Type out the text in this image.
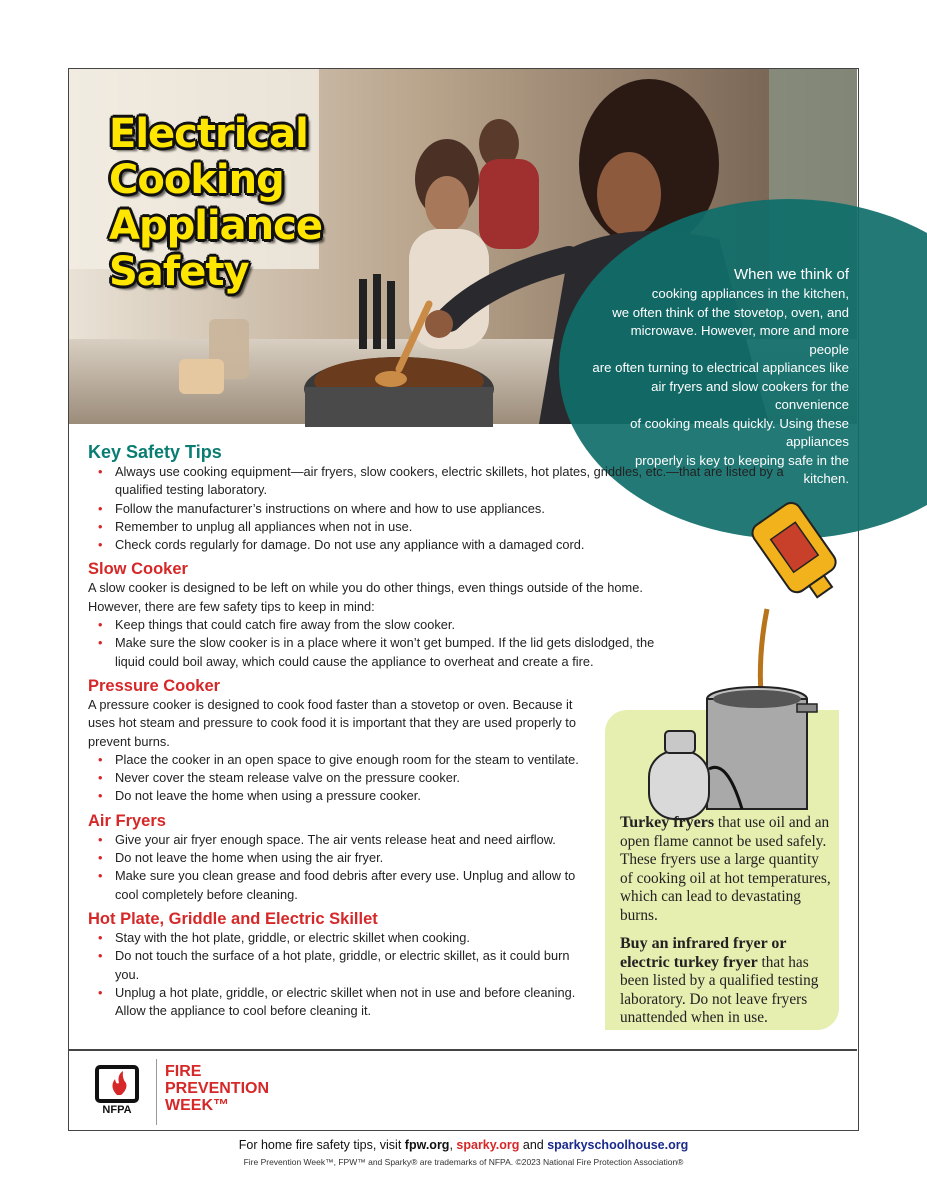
Electrical
Cooking
Appliance
Safety	When we think of
cooking appliances in the kitchen,
we often think of the stovetop, oven, and
microwave. However, more and more people
are often turning to electrical appliances like
air fryers and slow cookers for the convenience
of cooking meals quickly. Using these appliances
properly is key to keeping safe in the kitchen.
Key Safety Tips
• Always use cooking equipment—air fryers, slow cookers, electric skillets, hot plates, griddles, etc.—that are listed by a qualified testing laboratory.
• Follow the manufacturer’s instructions on where and how to use appliances.
• Remember to unplug all appliances when not in use.
• Check cords regularly for damage. Do not use any appliance with a damaged cord.
Slow Cooker

A slow cooker is designed to be left on while you do other things, even things outside of the home. However, there are few safety tips to keep in mind:

• Keep things that could catch fire away from the slow cooker.
• Make sure the slow cooker is in a place where it won’t get bumped. If the lid gets dislodged, the liquid could boil away, which could cause the appliance to overheat and create a fire.
Pressure Cooker

A pressure cooker is designed to cook food faster than a stovetop or oven. Because it uses hot steam and pressure to cook food it is important that they are used properly to prevent burns.

• Place the cooker in an open space to give enough room for the steam to ventilate.
• Never cover the steam release valve on the pressure cooker.
• Do not leave the home when using a pressure cooker.
Air Fryers
• Give your air fryer enough space. The air vents release heat and need airflow.
• Do not leave the home when using the air fryer.
• Make sure you clean grease and food debris after every use. Unplug and allow to cool completely before cleaning.
Hot Plate, Griddle and Electric Skillet
• Stay with the hot plate, griddle, or electric skillet when cooking.
• Do not touch the surface of a hot plate, griddle, or electric skillet, as it could burn you.
• Unplug a hot plate, griddle, or electric skillet when not in use and before cleaning. Allow the appliance to cool before cleaning it.

Turkey fryers that use oil and an open flame cannot be used safely. These fryers use a large quantity of cooking oil at hot temperatures, which can lead to devastating burns.

Buy an infrared fryer or electric turkey fryer that has been listed by a qualified testing laboratory. Do not leave fryers unattended when in use.

NFPA
FIRE
PREVENTION
WEEK™
For home fire safety tips, visit fpw.org, sparky.org and sparkyschoolhouse.org
Fire Prevention Week™, FPW™ and Sparky® are trademarks of NFPA. ©2023 National Fire Protection Association®
